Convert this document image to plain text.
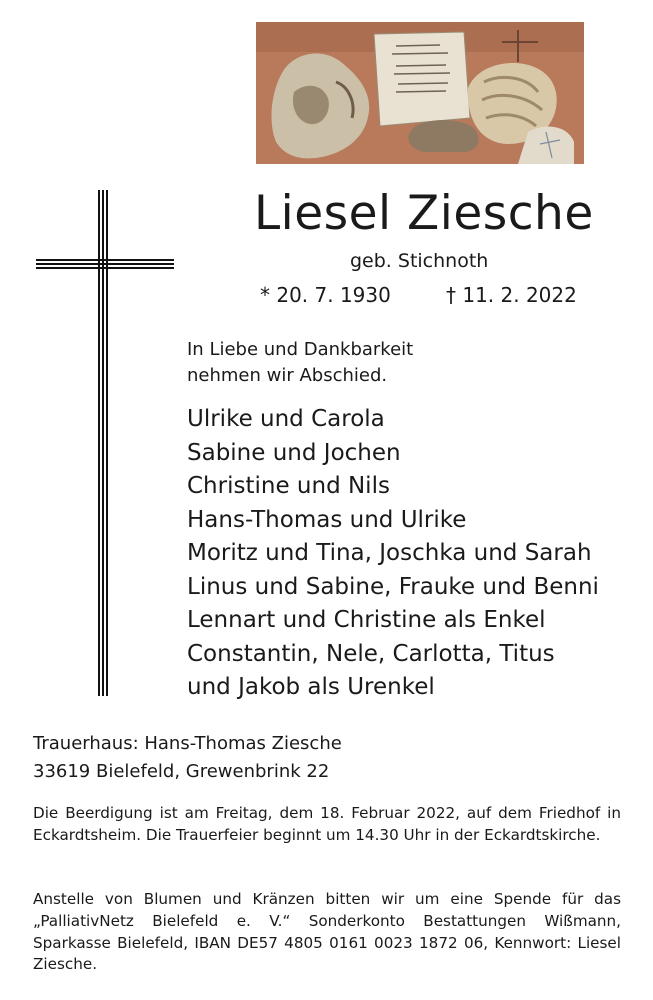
Liesel Ziesche
geb. Stichnoth
* 20. 7. 1930	† 11. 2. 2022
In Liebe und Dankbarkeit
nehmen wir Abschied.
Ulrike und Carola
Sabine und Jochen
Christine und Nils
Hans-Thomas und Ulrike
Moritz und Tina, Joschka und Sarah
Linus und Sabine, Frauke und Benni
Lennart und Christine als Enkel
Constantin, Nele, Carlotta, Titus
und Jakob als Urenkel
Trauerhaus: Hans-Thomas Ziesche
33619 Bielefeld, Grewenbrink 22
Die Beerdigung ist am Freitag, dem 18. Februar 2022, auf dem Friedhof in Eckardtsheim. Die Trauerfeier beginnt um 14.30 Uhr in der Eckardtskirche.
Anstelle von Blumen und Kränzen bitten wir um eine Spende für das „PalliativNetz Bielefeld e. V.“ Sonderkonto Bestattungen Wißmann, Sparkasse Bielefeld, IBAN DE57 4805 0161 0023 1872 06, Kennwort: Liesel Ziesche.
